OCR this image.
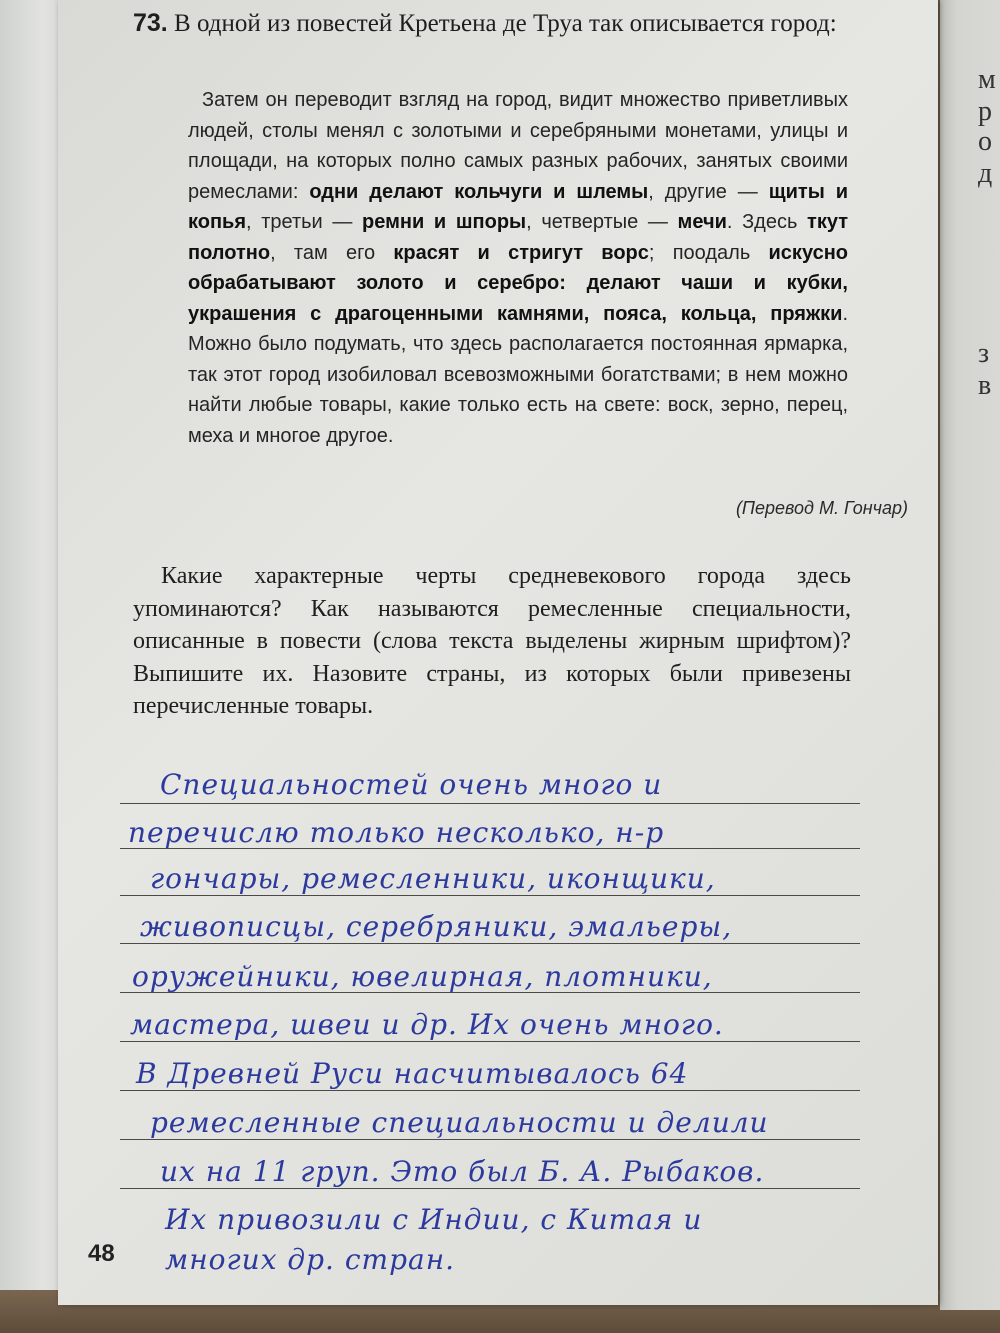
м
р
о
д
з
в
73. В одной из повестей Кретьена де Труа так описывается город:
Затем он переводит взгляд на город, видит множество приветливых людей, столы менял с золотыми и серебряными монетами, улицы и площади, на которых полно самых разных рабочих, занятых своими ремеслами: одни делают кольчуги и шлемы, другие — щиты и копья, третьи — ремни и шпоры, четвертые — мечи. Здесь ткут полотно, там его красят и стригут ворс; поодаль искусно обрабатывают золото и серебро: делают чаши и кубки, украшения с драгоценными камнями, пояса, кольца, пряжки. Можно было подумать, что здесь располагается постоянная ярмарка, так этот город изобиловал всевозможными богатствами; в нем можно найти любые товары, какие только есть на свете: воск, зерно, перец, меха и многое другое.
(Перевод М. Гончар)
Какие характерные черты средневекового города здесь упоминаются? Как называются ремесленные специальности, описанные в повести (слова текста выделены жирным шрифтом)? Выпишите их. Назовите страны, из которых были привезены перечисленные товары.
Специальностей очень много и
перечислю только несколько, н-р
гончары, ремесленники, иконщики,
живописцы, серебряники, эмальеры,
оружейники, ювелирная, плотники,
мастера, швеи и др. Их очень много.
В Древней Руси насчитывалось 64
ремесленные специальности и делили
их на 11 груп. Это был Б. А. Рыбаков.
Их привозили с Индии, с Китая и
многих др. стран.
48
